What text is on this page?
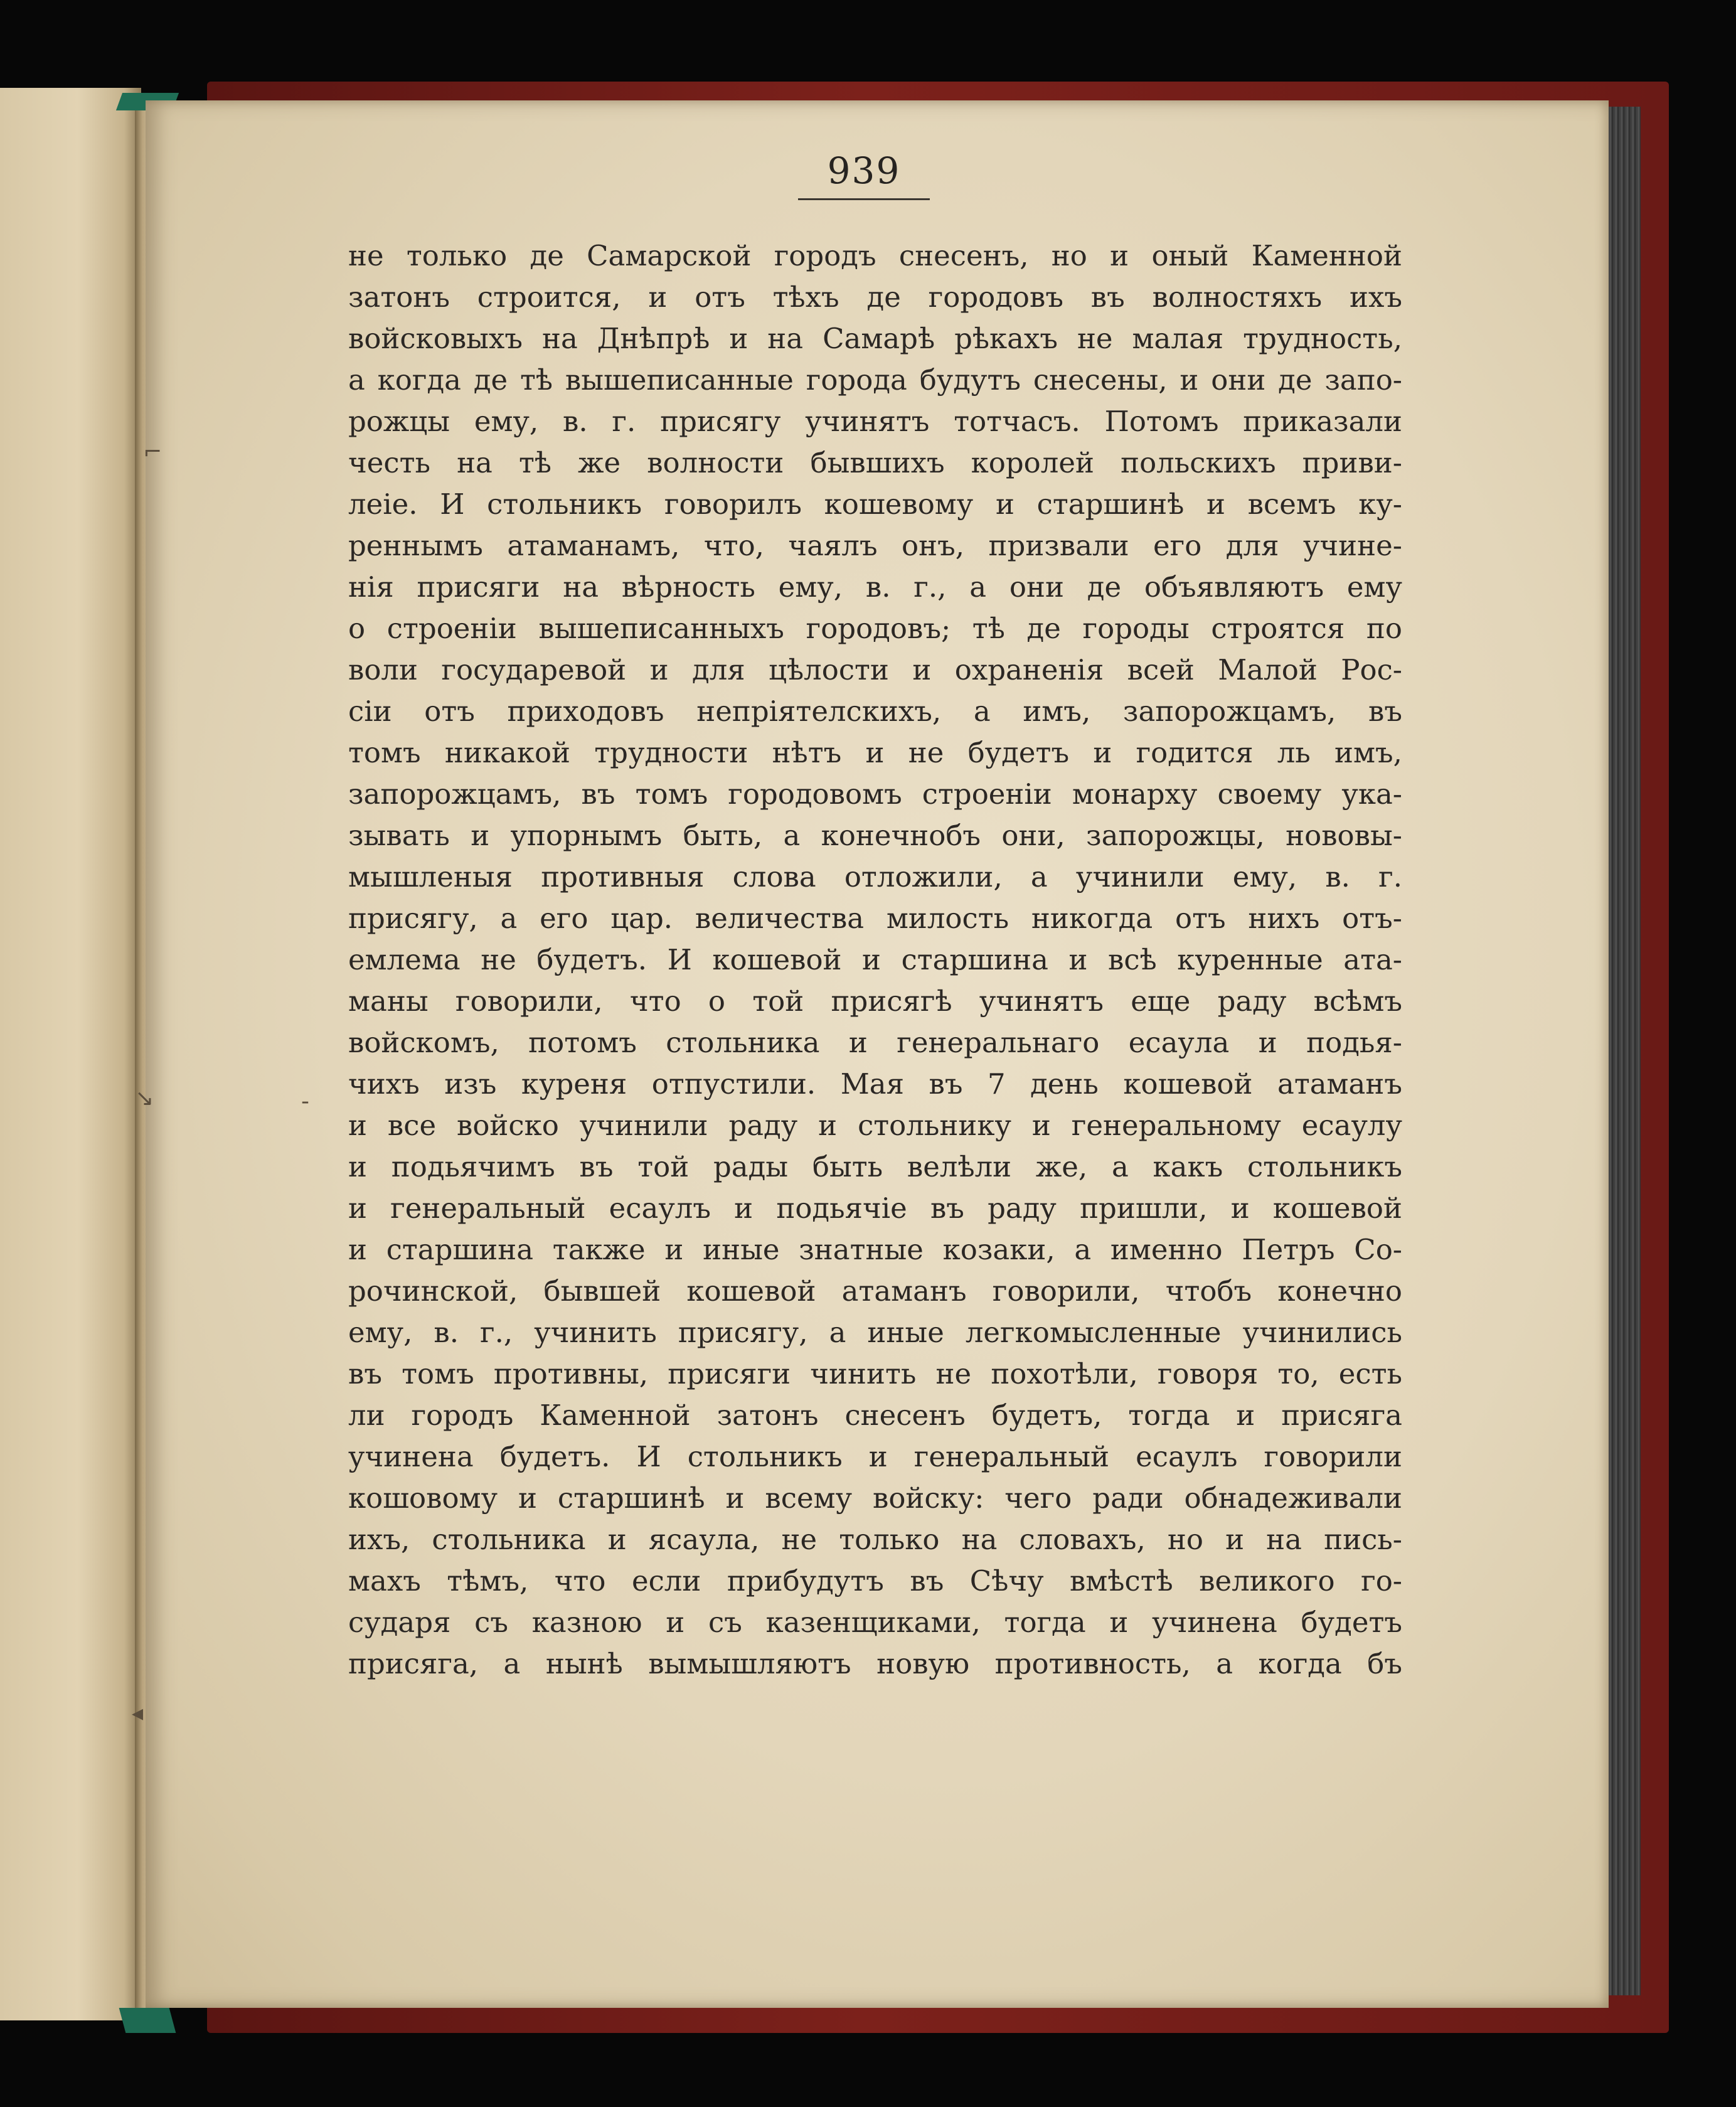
939
не только де Самарской городъ снесенъ, но и оный Каменной
затонъ строится, и отъ тѣхъ де городовъ въ волностяхъ ихъ
войсковыхъ на Днѣпрѣ и на Самарѣ рѣкахъ не малая трудность,
а когда де тѣ вышеписанные города будутъ снесены, и они де запо-
рожцы ему, в. г. присягу учинятъ тотчасъ. Потомъ приказали
честь на тѣ же волности бывшихъ королей польскихъ приви-
леіе. И стольникъ говорилъ кошевому и старшинѣ и всемъ ку-
реннымъ атаманамъ, что, чаялъ онъ, призвали его для учине-
нія присяги на вѣрность ему, в. г., а они де объявляютъ ему
о строеніи вышеписанныхъ городовъ; тѣ де городы строятся по
воли государевой и для цѣлости и охраненія всей Малой Рос-
сіи отъ приходовъ непріятелскихъ, а имъ, запорожцамъ, въ
томъ никакой трудности нѣтъ и не будетъ и годится ль имъ,
запорожцамъ, въ томъ городовомъ строеніи монарху своему ука-
зывать и упорнымъ быть, а конечнобъ они, запорожцы, нововы-
мышленыя противныя слова отложили, а учинили ему, в. г.
присягу, а его цар. величества милость никогда отъ нихъ отъ-
емлема не будетъ. И кошевой и старшина и всѣ куренные ата-
маны говорили, что о той присягѣ учинятъ еще раду всѣмъ
войскомъ, потомъ стольника и генеральнаго есаула и подья-
чихъ изъ куреня отпустили. Мая въ 7 день кошевой атаманъ
и все войско учинили раду и стольнику и генеральному есаулу
и подьячимъ въ той рады быть велѣли же, а какъ стольникъ
и генеральный есаулъ и подьячіе въ раду пришли, и кошевой
и старшина также и иные знатные козаки, а именно Петръ Со-
рочинской, бывшей кошевой атаманъ говорили, чтобъ конечно
ему, в. г., учинить присягу, а иные легкомысленные учинились
въ томъ противны, присяги чинить не похотѣли, говоря то, есть
ли городъ Каменной затонъ снесенъ будетъ, тогда и присяга
учинена будетъ. И стольникъ и генеральный есаулъ говорили
кошовому и старшинѣ и всему войску: чего ради обнадеживали
ихъ, стольника и ясаула, не только на словахъ, но и на пись-
махъ тѣмъ, что если прибудутъ въ Сѣчу вмѣстѣ великого го-
сударя съ казною и съ казенщиками, тогда и учинена будетъ
присяга, а нынѣ вымышляютъ новую противность, а когда бъ
⌐
↘	-
◂
